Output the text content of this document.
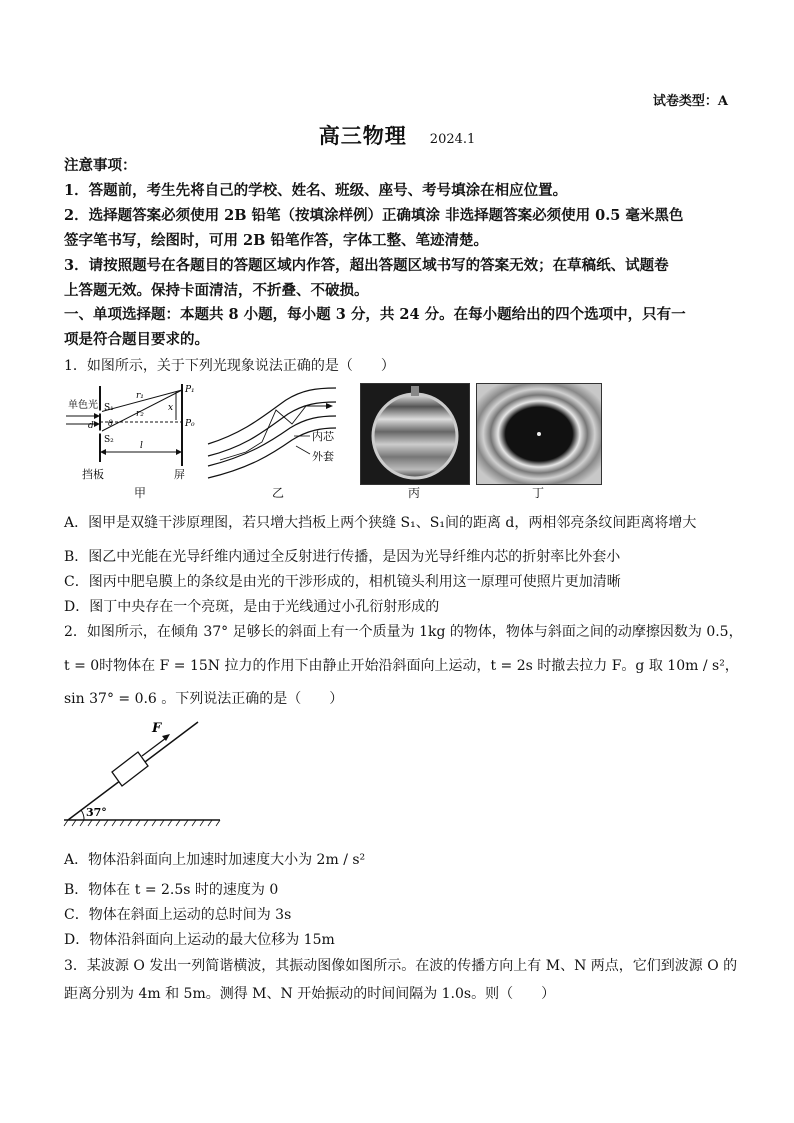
试卷类型：A
高三物理 2024.1
注意事项：
1．答题前，考生先将自己的学校、姓名、班级、座号、考号填涂在相应位置。
2．选择题答案必须使用 2B 铅笔（按填涂样例）正确填涂 非选择题答案必须使用 0.5 毫米黑色
签字笔书写，绘图时，可用 2B 铅笔作答，字体工整、笔迹清楚。
3．请按照题号在各题目的答题区域内作答，超出答题区域书写的答案无效；在草稿纸、试题卷
上答题无效。保持卡面清洁，不折叠、不破损。
一、单项选择题：本题共 8 小题，每小题 3 分，共 24 分。在每小题给出的四个选项中，只有一
项是符合题目要求的。
1．如图所示，关于下列光现象说法正确的是（　　）
单色光 S₁
S₂
r₁
r₂
P₁
P₀
x
l
d θ
挡板	屏
甲
内芯
外套
乙	丙	丁
A．图甲是双缝干涉原理图，若只增大挡板上两个狭缝 S₁、S₁间的距离 d，两相邻亮条纹间距离将增大
B．图乙中光能在光导纤维内通过全反射进行传播，是因为光导纤维内芯的折射率比外套小
C．图丙中肥皂膜上的条纹是由光的干涉形成的，相机镜头利用这一原理可使照片更加清晰
D．图丁中央存在一个亮斑，是由于光线通过小孔衍射形成的
2．如图所示，在倾角 37° 足够长的斜面上有一个质量为 1kg 的物体，物体与斜面之间的动摩擦因数为 0.5，
t = 0时物体在 F = 15N 拉力的作用下由静止开始沿斜面向上运动，t = 2s 时撤去拉力 F。g 取 10m / s²，
sin 37° = 0.6 。下列说法正确的是（　　）
F
37°
A．物体沿斜面向上加速时加速度大小为 2m / s²
B．物体在 t = 2.5s 时的速度为 0
C．物体在斜面上运动的总时间为 3s
D．物体沿斜面向上运动的最大位移为 15m
3．某波源 O 发出一列简谐横波，其振动图像如图所示。在波的传播方向上有 M、N 两点，它们到波源 O 的
距离分别为 4m 和 5m。测得 M、N 开始振动的时间间隔为 1.0s。则（　　）
